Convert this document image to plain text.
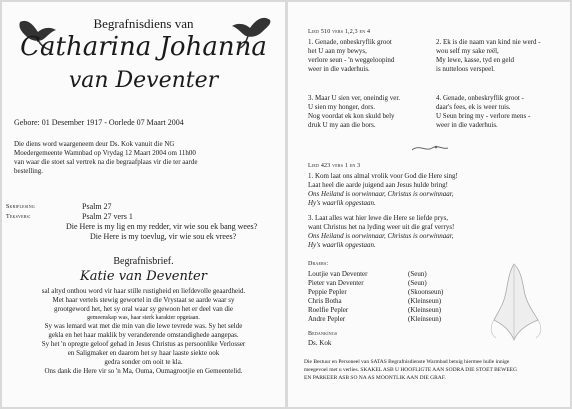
Begrafnisdiens van
Catharina Johanna
van Deventer
Gebore: 01 Desember 1917 - Oorlede 07 Maart 2004
Die diens word waargeneem deur Ds. Kok vanuit die NG
Moedergemeente Wamnbad op Vrydag 12 Maart 2004 om 11h00
van waar die stoet sal vertrek na die begraafplaas vir die ter aarde
bestelling.
Skriflesing	Psalm 27
Teksvers:	Psalm 27 vers 1
Die Here is my lig en my redder, vir wie sou ek bang wees?
Die Here is my toevlug, vir wie sou ek vrees?
Begrafnisbrief.
Katie van Deventer
sal altyd onthou word vir haar stille rustigheid en liefdevolle geaardheid.
Met haar vertels stewig gewortel in die Vrystaat se aarde waar sy
grootgeword het, het sy oral waar sy gewoon het er deel van die
gemeenskap was, haar sterk karakter opgetaan.
Sy was lemard wat met die min van die lewe tevrede was. Sy het selde
gekla en het haar maklik by veranderende omstandighede aangepas.
Sy het 'n opregte geloof gehad in Jesus Christus as persoonlike Verlosser
en Saligmaker en daarom het sy haar laaste siekte ook
gedra sonder om ooit te kla.
Ons dank die Here vir so 'n Ma, Ouma, Oumagrootjie en Gemeentelid.
Lied 510 vers 1,2,3 en 4
1. Genade, onbeskryflik groot
het U aan my bewys,
verlore seun - 'n weggeloopind
weer in die vaderhuis.
2. Ek is die naam van kind nie werd -
wou self my sake reël,
My lewe, kasse, tyd en geld
is nutteloos verspeel.
3. Maar U sien ver, oneindig ver.
U sien my honger, dors.
Nog voordat ek kon skuld bely
druk U my aan die bors.
4. Genade, onbeskryflik groot -
daar's fees, ek is weer tuis.
U Seun bring my - verlore mens -
weer in die vaderhuis.
Lied 423 vers 1 en 3
1. Kom laat ons almal vrolik voor God die Here sing!
Laat heel die aarde juigend aan Jesus hulde bring!
Ons Heiland is oorwinnaar, Christus is oorwinnaar,
Hy's waarlik opgestaan.
3. Laat alles wat hier lewe die Here se liefde prys,
want Christus het na lyding weer uit die graf verrys!
Ons Heiland is oorwinnaar, Christus is oorwinnaar,
Hy's waarlik opgestaan.
Draers:
Loutjie van Deventer	(Seun)
Pieter van Deventer	(Seun)
Peppie Pepler	(Skoonseun)
Chris Botha	(Kleinseun)
Roelfie Pepler	(Kleinseun)
Andre Pepler	(Kleinseun)
Bedankings
Ds. Kok
Die Bestuur en Personeel van SATAS Begrafnisdienste Warmbad betuig hiermee hulle innige
meegevoel met u verlies. SKAKEL ASB U HOOFLIGTE AAN SODRA DIE STOET BEWEEG
EN PARKEER ASB SO NA AS MOONTLIK AAN DIE GRAF.
